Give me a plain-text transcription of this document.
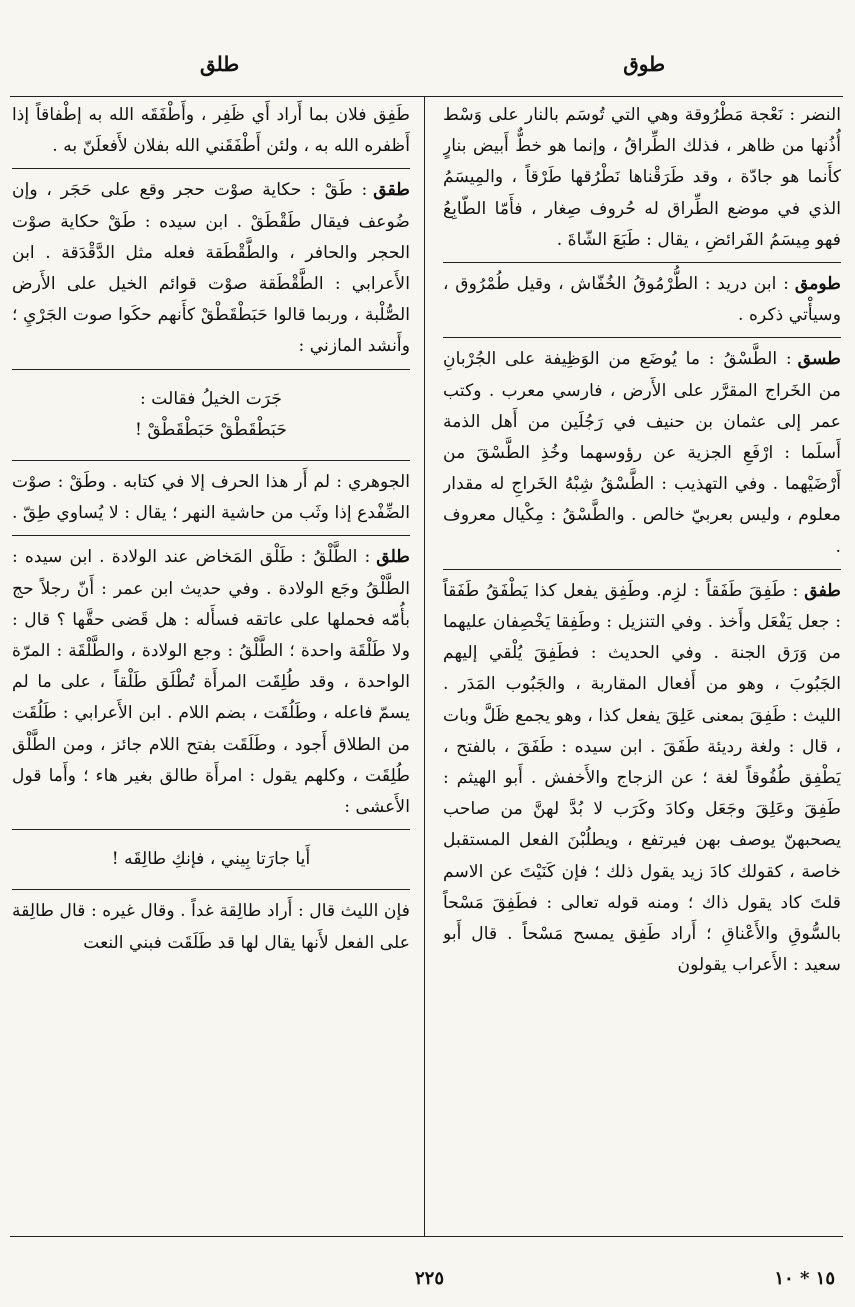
طوق
طلق
النضر : نَعْجة مَطْرُوقة وهي التي تُوسَم بالنار على وَسْط أُذُنها من ظاهر ، فذلك الطِّراقُ ، وإنما هو خطٌّ أَبيض بنارٍ كأَنما هو جادّة ، وقد طَرَقْناها نَطْرُقها طَرْقاً ، والمِيسَمُ الذي في موضع الطِّراق له حُروف صِغار ، فأَمّا الطّابِعُ فهو مِيسَمُ الفَرائضِ ، يقال : طَبَعَ الشّاةَ .
طومق: ابن دريد : الطُّرْمُوقُ الخُفّاش ، وقيل طُمْرُوق ، وسيأْتي ذكره .
طسق: الطَّسْقُ : ما يُوضَع من الوَظِيفة على الجُرْبانِ من الخَراج المقرَّر على الأَرض ، فارسي معرب . وكتب عمر إلى عثمان بن حنيف في رَجُلَين من أَهل الذمة أَسلَما : ارْفَعِ الجزية عن رؤوسهما وخُذِ الطَّسْقَ من أَرْضَيْهما . وفي التهذيب : الطَّسْقُ شِبْهُ الخَراجِ له مقدار معلوم ، وليس بعربيّ خالص . والطَّسْقُ : مِكْيال معروف .
طفق: طَفِقَ طَفَقاً : لزِم. وطَفِق يفعل كذا يَطْفَقُ طَفَقاً : جعل يَفْعَل وأَخذ . وفي التنزيل : وطَفِقا يَخْصِفان عليهما من وَرَق الجنة . وفي الحديث : فطَفِقَ يُلْقي إليهم الجَبُوبَ ، وهو من أَفعال المقاربة ، والجَبُوب المَدَر . الليث : طَفِقَ بمعنى عَلِقَ يفعل كذا ، وهو يجمع ظَلَّ وبات ، قال : ولغة رديئة طَفَقَ . ابن سيده : طَفَقَ ، بالفتح ، يَطْفِق طُفُوقاً لغة ؛ عن الزجاج والأَخفش . أَبو الهيثم : طَفِقَ وعَلِقَ وجَعَل وكادَ وكَرَب لا بُدَّ لهنَّ من صاحب يصحبهنّ يوصف بهن فيرتفع ، ويطلُبْنَ الفعل المستقبل خاصة ، كقولك كادَ زيد يقول ذلك ؛ فإن كَنَيْتَ عن الاسم قلتَ كاد يقول ذاك ؛ ومنه قوله تعالى : فطَفِقَ مَسْحاً بالسُّوقِ والأَعْناقِ ؛ أَراد طَفِق يمسح مَسْحاً . قال أَبو سعيد : الأَعراب يقولون
طَفِق فلان بما أَراد أَي ظَفِر ، وأَطْفَقَه الله به إطْفاقاً إذا أَظفره الله به ، ولئن أَطْفَقَني الله بفلان لأَفعلَنّ به .
طقق: طَقْ : حكاية صوْت حجر وقع على حَجَر ، وإن ضُوعف فيقال طَقْطَقْ . ابن سيده : طَقْ حكاية صوْت الحجر والحافر ، والطَّقْطَقة فعله مثل الدَّقْدَقة . ابن الأَعرابي : الطَّقْطَقة صوْت قوائم الخيل على الأَرض الصُّلْبة ، وربما قالوا حَبَطْقَطْقْ كأَنهم حكَوا صوت الجَرْيِ ؛ وأَنشد المازني :
جَرَت الخيلُ فقالت :
حَبَطْقَطْقْ حَبَطْقَطْقْ !
الجوهري : لم أَر هذا الحرف إلا في كتابه . وطَقْ : صوْت الضِّفْدع إذا وثَب من حاشية النهر ؛ يقال : لا يُساوي طِقّ .
طلق: الطَّلْقُ : طَلْق المَخاض عند الولادة . ابن سيده : الطَّلْقُ وجَع الولادة . وفي حديث ابن عمر : أَنّ رجلاً حج بأُمّه فحملها على عاتقه فسأَله : هل قَضى حقَّها ؟ قال : ولا طَلْقَة واحدة ؛ الطَّلْقُ : وجع الولادة ، والطَّلْقَة : المرّة الواحدة ، وقد طُلِقَت المرأَة تُطْلَق طَلْقاً ، على ما لم يسمّ فاعله ، وطَلُقَت ، بضم اللام . ابن الأَعرابي : طَلُقَت من الطلاق أَجود ، وطَلَقَت بفتح اللام جائز ، ومن الطَّلْق طُلِقَت ، وكلهم يقول : امرأَة طالق بغير هاء ؛ وأَما قول الأَعشى :
أَيا جارَتا بِيني ، فإنكِ طالِقَه !
فإن الليث قال : أَراد طالِقة غداً . وقال غيره : قال طالِقة على الفعل لأَنها يقال لها قد طَلَقَت فبني النعت
٢٢٥	١٥ * ١٠
